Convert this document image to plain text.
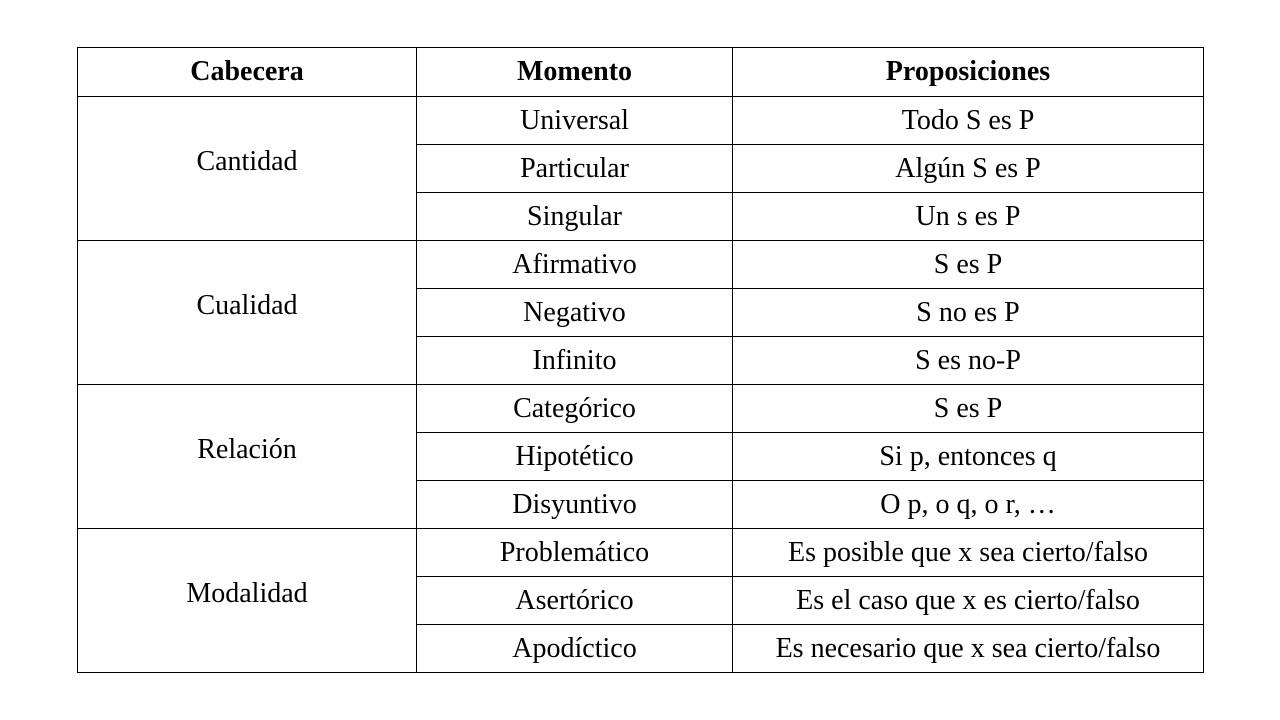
Cabecera	Momento	Proposiciones
Cantidad	Universal	Todo S es P
	Particular	Algún S es P
	Singular	Un s es P
Cualidad	Afirmativo	S es P
	Negativo	S no es P
	Infinito	S es no-P
Relación	Categórico	S es P
	Hipotético	Si p, entonces q
	Disyuntivo	O p, o q, o r, …
Modalidad	Problemático	Es posible que x sea cierto/falso
	Asertórico	Es el caso que x es cierto/falso
	Apodíctico	Es necesario que x sea cierto/falso
